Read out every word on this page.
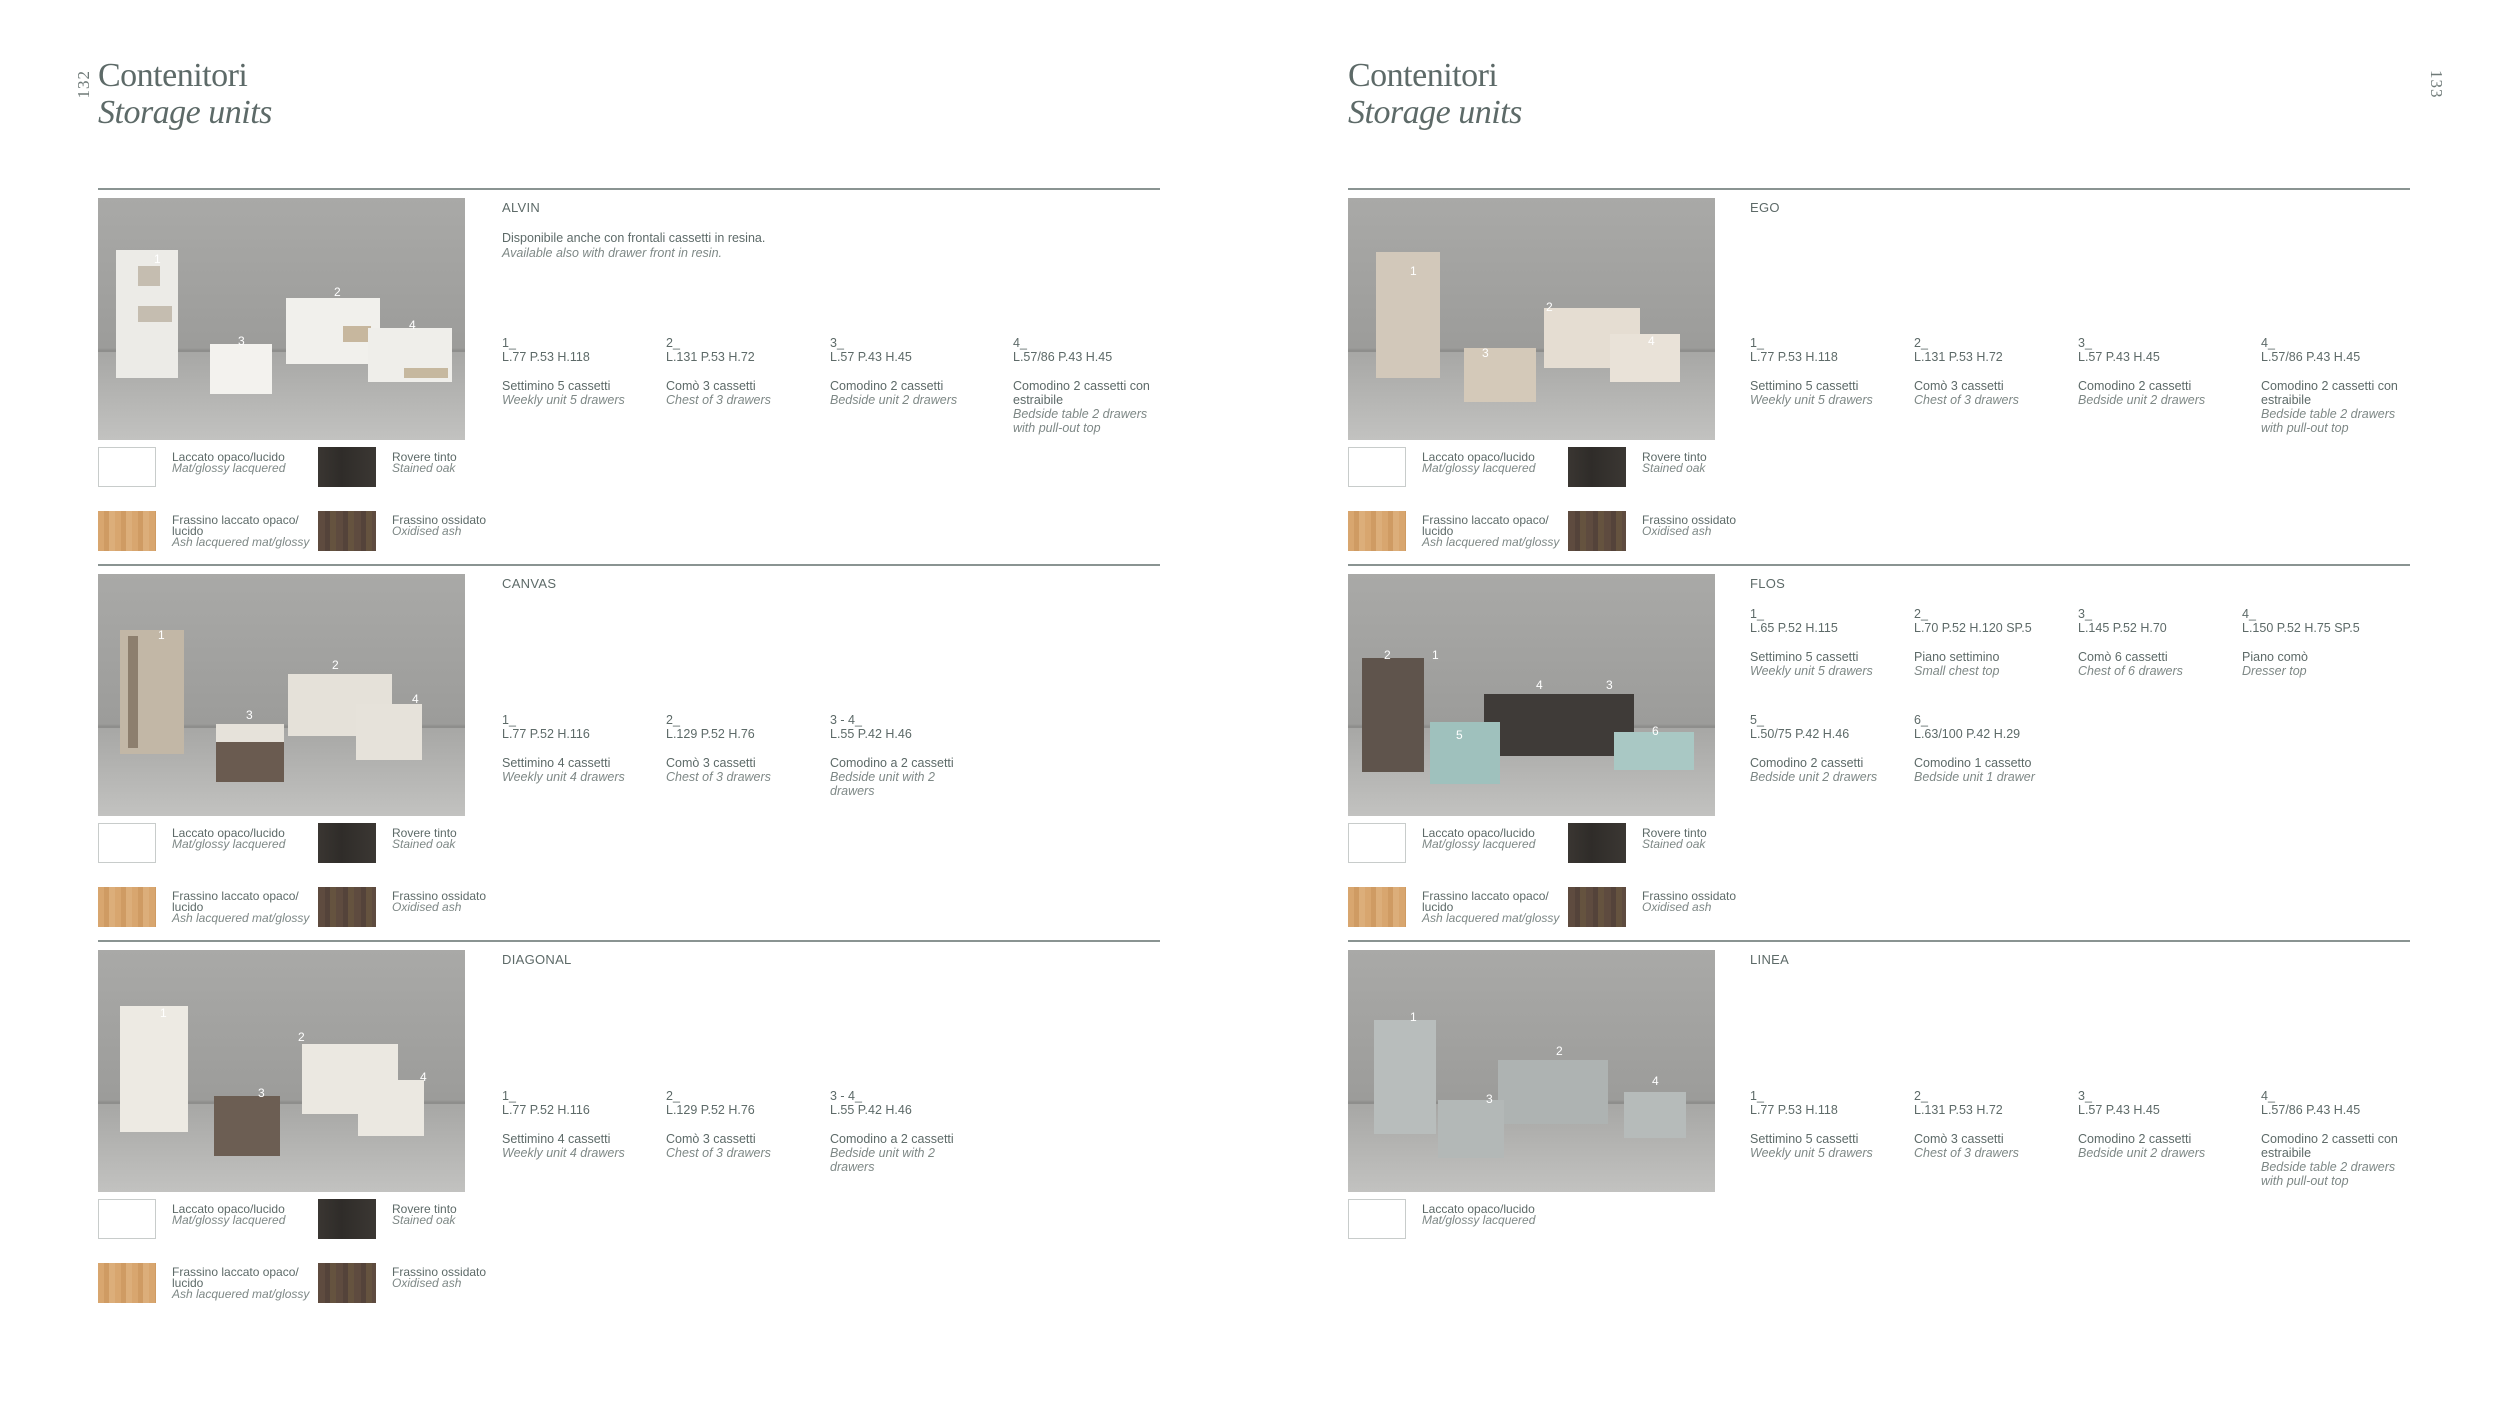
132 Contenitori
Storage units
1
2
3
4
ALVIN
Disponibile anche con frontali cassetti in resina.
Available also with drawer front in resin.
1_
L.77 P.53 H.118
Settimino 5 cassetti
Weekly unit 5 drawers
2_
L.131 P.53 H.72
Comò 3 cassetti
Chest of 3 drawers
3_
L.57 P.43 H.45
Comodino 2 cassetti
Bedside unit 2 drawers
4_
L.57/86 P.43 H.45
Comodino 2 cassetti con estraibile
Bedside table 2 drawers with pull-out top
Laccato opaco/lucido
Mat/glossy lacquered
Rovere tinto
Stained oak
Frassino laccato opaco/ lucido
Ash lacquered mat/glossy
Frassino ossidato
Oxidised ash
1
2
3
4
CANVAS
1_
L.77 P.52 H.116
Settimino 4 cassetti
Weekly unit 4 drawers
2_
L.129 P.52 H.76
Comò 3 cassetti
Chest of 3 drawers
3 - 4_
L.55 P.42 H.46
Comodino a 2 cassetti
Bedside unit with 2 drawers
Laccato opaco/lucido
Mat/glossy lacquered
Rovere tinto
Stained oak
Frassino laccato opaco/ lucido
Ash lacquered mat/glossy
Frassino ossidato
Oxidised ash
1
2
3
4
DIAGONAL
1_
L.77 P.52 H.116
Settimino 4 cassetti
Weekly unit 4 drawers
2_
L.129 P.52 H.76
Comò 3 cassetti
Chest of 3 drawers
3 - 4_
L.55 P.42 H.46
Comodino a 2 cassetti
Bedside unit with 2 drawers
Laccato opaco/lucido
Mat/glossy lacquered
Rovere tinto
Stained oak
Frassino laccato opaco/ lucido
Ash lacquered mat/glossy
Frassino ossidato
Oxidised ash
133
Contenitori
Storage units
1
2
3
4
EGO
1_
L.77 P.53 H.118
Settimino 5 cassetti
Weekly unit 5 drawers
2_
L.131 P.53 H.72
Comò 3 cassetti
Chest of 3 drawers
3_
L.57 P.43 H.45
Comodino 2 cassetti
Bedside unit 2 drawers
4_
L.57/86 P.43 H.45
Comodino 2 cassetti con estraibile
Bedside table 2 drawers with pull-out top
Laccato opaco/lucido
Mat/glossy lacquered
Rovere tinto
Stained oak
Frassino laccato opaco/ lucido
Ash lacquered mat/glossy
Frassino ossidato
Oxidised ash
2	1
4	3
5	6
FLOS
1_
L.65 P.52 H.115
Settimino 5 cassetti
Weekly unit 5 drawers
2_
L.70 P.52 H.120 SP.5
Piano settimino
Small chest top
3_
L.145 P.52 H.70
Comò 6 cassetti
Chest of 6 drawers
4_
L.150 P.52 H.75 SP.5
Piano comò
Dresser top
5_
L.50/75 P.42 H.46
Comodino 2 cassetti
Bedside unit 2 drawers
6_
L.63/100 P.42 H.29
Comodino 1 cassetto
Bedside unit 1 drawer
Laccato opaco/lucido
Mat/glossy lacquered
Rovere tinto
Stained oak
Frassino laccato opaco/ lucido
Ash lacquered mat/glossy
Frassino ossidato
Oxidised ash
1
2
3
4
LINEA
1_
L.77 P.53 H.118
Settimino 5 cassetti
Weekly unit 5 drawers
2_
L.131 P.53 H.72
Comò 3 cassetti
Chest of 3 drawers
3_
L.57 P.43 H.45
Comodino 2 cassetti
Bedside unit 2 drawers
4_
L.57/86 P.43 H.45
Comodino 2 cassetti con estraibile
Bedside table 2 drawers with pull-out top
Laccato opaco/lucido
Mat/glossy lacquered
